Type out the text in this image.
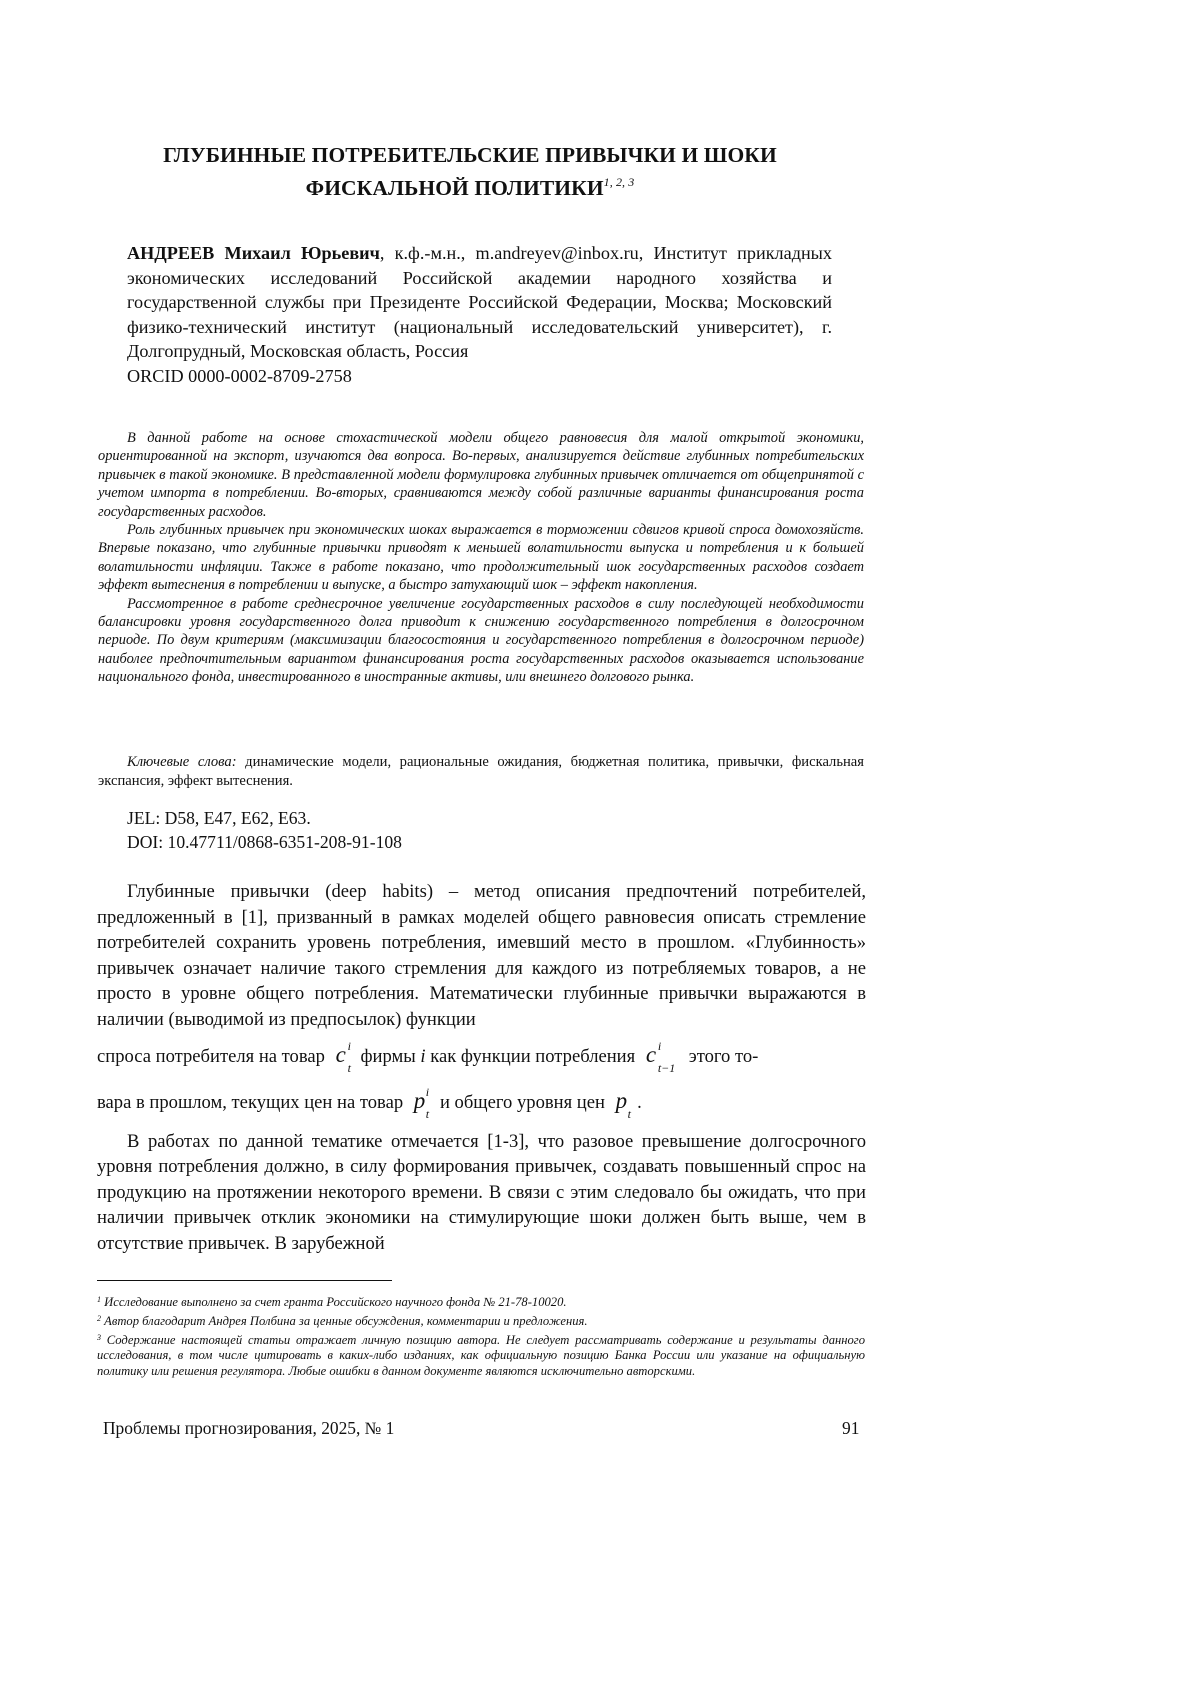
ГЛУБИННЫЕ ПОТРЕБИТЕЛЬСКИЕ ПРИВЫЧКИ И ШОКИ
ФИСКАЛЬНОЙ ПОЛИТИКИ$^{1, 2, 3}$
АНДРЕЕВ Михаил Юрьевич, к.ф.-м.н., m.andreyev@inbox.ru, Институт прикладных экономических исследований Российской академии народного хозяйства и государственной службы при Президенте Российской Федерации, Москва; Московский физико-технический институт (национальный исследовательский университет), г. Долгопрудный, Московская область, Россия
ORCID 0000-0002-8709-2758

В данной работе на основе стохастической модели общего равновесия для малой открытой экономики, ориентированной на экспорт, изучаются два вопроса. Во-первых, анализируется действие глубинных потребительских привычек в такой экономике. В представленной модели формулировка глубинных привычек отличается от общепринятой с учетом импорта в потреблении. Во-вторых, сравниваются между собой различные варианты финансирования роста государственных расходов.

Роль глубинных привычек при экономических шоках выражается в торможении сдвигов кривой спроса домохозяйств. Впервые показано, что глубинные привычки приводят к меньшей волатильности выпуска и потребления и к большей волатильности инфляции. Также в работе показано, что продолжительный шок государственных расходов создает эффект вытеснения в потреблении и выпуске, а быстро затухающий шок – эффект накопления.

Рассмотренное в работе среднесрочное увеличение государственных расходов в силу последующей необходимости балансировки уровня государственного долга приводит к снижению государственного потребления в долгосрочном периоде. По двум критериям (максимизации благосостояния и государственного потребления в долгосрочном периоде) наиболее предпочтительным вариантом финансирования роста государственных расходов оказывается использование национального фонда, инвестированного в иностранные активы, или внешнего долгового рынка.

Ключевые слова: динамические модели, рациональные ожидания, бюджетная политика, привычки, фискальная экспансия, эффект вытеснения.
JEL: D58, E47, E62, E63.
DOI: 10.47711/0868-6351-208-91-108

Глубинные привычки (deep habits) – метод описания предпочтений потребителей, предложенный в [1], призванный в рамках моделей общего равновесия описать стремление потребителей сохранить уровень потребления, имевший место в прошлом. «Глубинность» привычек означает наличие такого стремления для каждого из потребляемых товаров, а не просто в уровне общего потребления. Математически глубинные привычки выражаются в наличии (выводимой из предпосылок) функции
спроса потребителя на товар c i
t
фирмы i как функции потребления c i
t−1
этого то-
вара в прошлом, текущих цен на товар p i
t
и общего уровня цен p
t
.

В работах по данной тематике отмечается [1-3], что разовое превышение долгосрочного уровня потребления должно, в силу формирования привычек, создавать повышенный спрос на продукцию на протяжении некоторого времени. В связи с этим следовало бы ожидать, что при наличии привычек отклик экономики на стимулирующие шоки должен быть выше, чем в отсутствие привычек. В зарубежной

$^1$ Исследование выполнено за счет гранта Российского научного фонда № 21-78-10020.

$^2$ Автор благодарит Андрея Полбина за ценные обсуждения, комментарии и предложения.

$^3$ Содержание настоящей статьи отражает личную позицию автора. Не следует рассматривать содержание и результаты данного исследования, в том числе цитировать в каких-либо изданиях, как официальную позицию Банка России или указание на официальную политику или решения регулятора. Любые ошибки в данном документе являются исключительно авторскими.

Проблемы прогнозирования, 2025, № 1	91
